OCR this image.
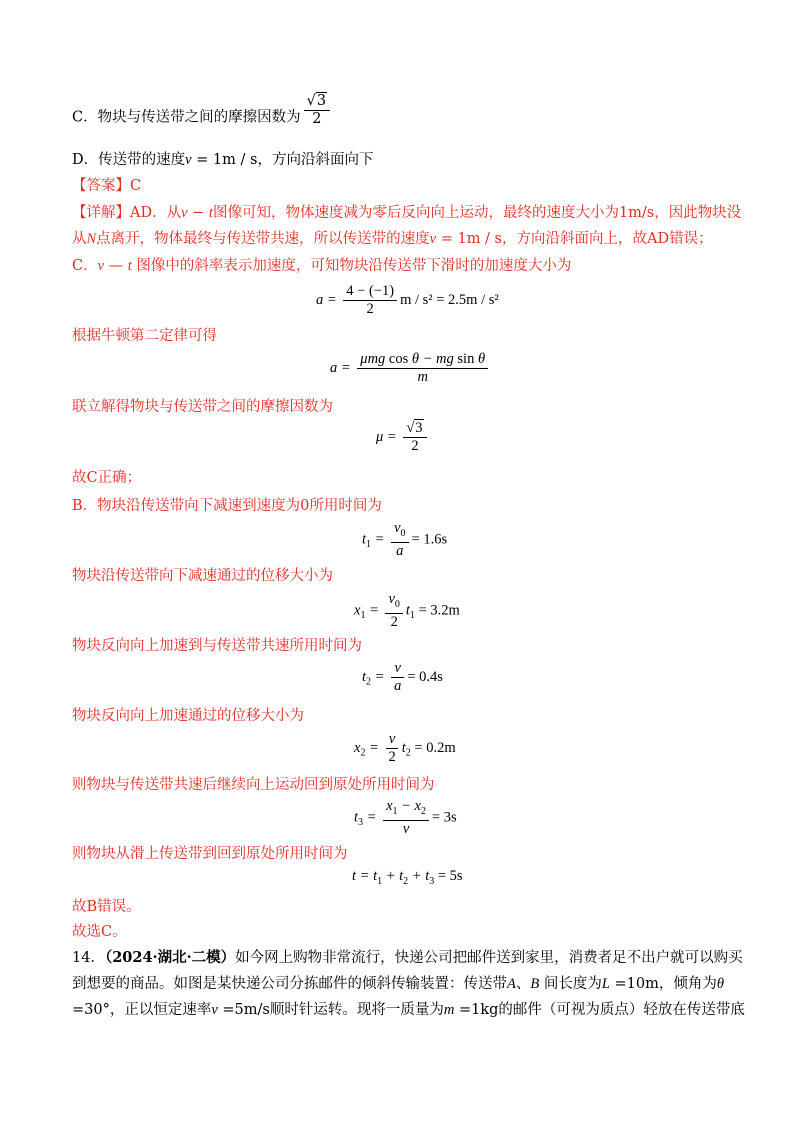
C．物块与传送带之间的摩擦因数为 $\frac{√3}{2}$
D．传送带的速度v = 1m / s，方向沿斜面向下
【答案】C
【详解】AD．从v − t图像可知，物体速度减为零后反向向上运动，最终的速度大小为1m/s，因此物块没
从N点离开，物体最终与传送带共速，所以传送带的速度v = 1m / s，方向沿斜面向上，故AD错误；
C．v — t 图像中的斜率表示加速度，可知物块沿传送带下滑时的加速度大小为
$a = \frac{4 - (-1)}{2}$ m / s² = 2.5m / s²
根据牛顿第二定律可得
$a = \frac{\text{μmg cos θ − mg sin θ}}{m}$
联立解得物块与传送带之间的摩擦因数为
$\mu = \frac{√3}{2}$
故C正确；
B．物块沿传送带向下减速到速度为0所用时间为
$t_1 = \frac{v_0}{a} = 1.6s$
物块沿传送带向下减速通过的位移大小为
$x_1 = \frac{v_0}{2} t_1 = 3.2m$
物块反向向上加速到与传送带共速所用时间为
$t_2 = \frac{v}{a} = 0.4s$
物块反向向上加速通过的位移大小为
$x_2 = \frac{v}{2} t_2 = 0.2m$
则物块与传送带共速后继续向上运动回到原处所用时间为
$t_3 = \frac{x_1 - x_2}{v} = 3s$
则物块从滑上传送带到回到原处所用时间为
$t = t_1 + t_2 + t_3 = 5s$
故B错误。
故选C。
14．（2024·湖北·二模）如今网上购物非常流行，快递公司把邮件送到家里，消费者足不出户就可以购买
到想要的商品。如图是某快递公司分拣邮件的倾斜传输装置：传送带A、B 间长度为L =10m，倾角为θ
=30°，正以恒定速率v =5m/s顺时针运转。现将一质量为m =1kg的邮件（可视为质点）轻放在传送带底
